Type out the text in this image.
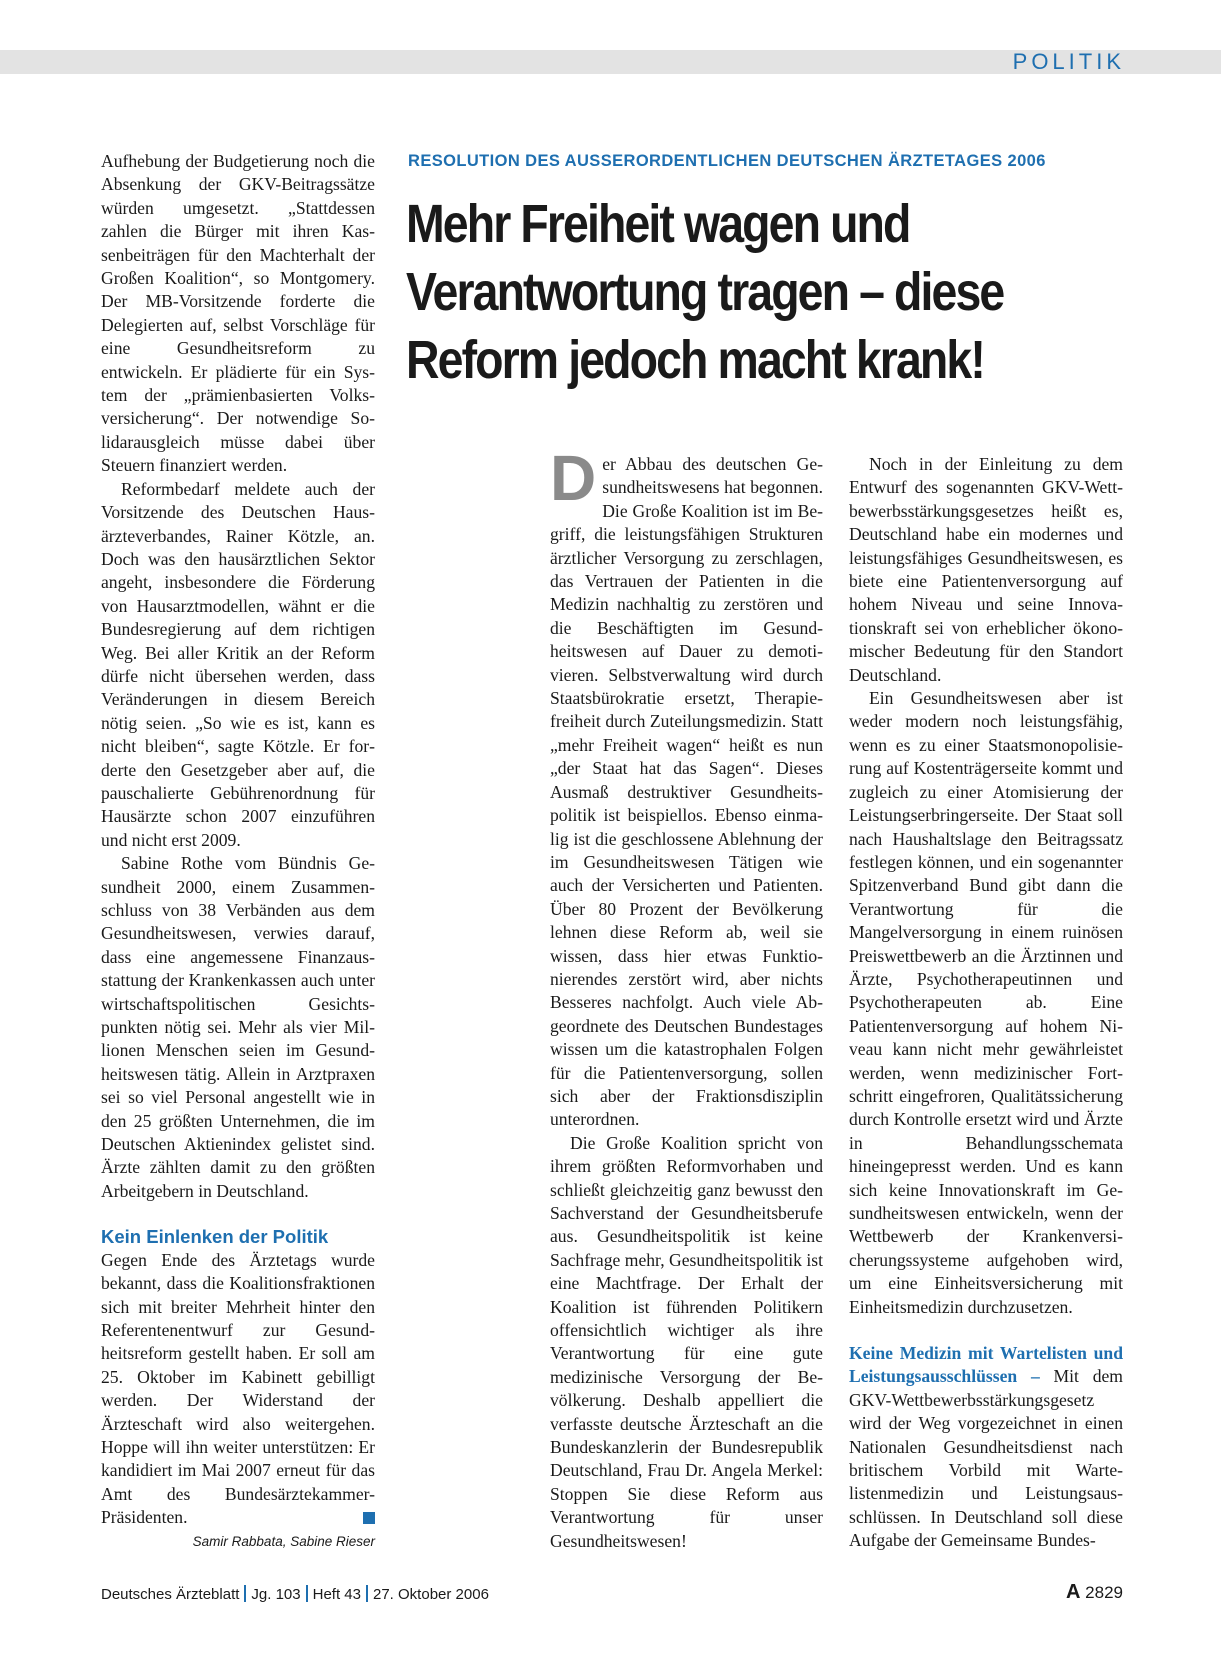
POLITIK

Aufhebung der Budgetierung noch die Absenkung der GKV-Beitragssätze würden umgesetzt. „Stattdessen zahlen die Bürger mit ihren Kassenbeiträgen für den Machterhalt der Großen Koalition“, so Montgomery. Der MB-Vorsitzende forderte die Delegierten auf, selbst Vorschläge für eine Gesundheitsreform zu entwickeln. Er plädierte für ein System der „prämienbasierten Volksversicherung“. Der notwendige Solidarausgleich müsse dabei über Steuern finanziert werden.

Reformbedarf meldete auch der Vorsitzende des Deutschen Hausärzteverbandes, Rainer Kötzle, an. Doch was den hausärztlichen Sektor angeht, insbesondere die Förderung von Hausarztmodellen, wähnt er die Bundesregierung auf dem richtigen Weg. Bei aller Kritik an der Reform dürfe nicht übersehen werden, dass Veränderungen in diesem Bereich nötig seien. „So wie es ist, kann es nicht bleiben“, sagte Kötzle. Er forderte den Gesetzgeber aber auf, die pauschalierte Gebührenordnung für Hausärzte schon 2007 einzuführen und nicht erst 2009.

Sabine Rothe vom Bündnis Gesundheit 2000, einem Zusammenschluss von 38 Verbänden aus dem Gesundheitswesen, verwies darauf, dass eine angemessene Finanzausstattung der Krankenkassen auch unter wirtschaftspolitischen Gesichtspunkten nötig sei. Mehr als vier Millionen Menschen seien im Gesundheitswesen tätig. Allein in Arztpraxen sei so viel Personal angestellt wie in den 25 größten Unternehmen, die im Deutschen Aktienindex gelistet sind. Ärzte zählten damit zu den größten Arbeitgebern in Deutschland.

Kein Einlenken der Politik

Gegen Ende des Ärztetags wurde bekannt, dass die Koalitionsfraktionen sich mit breiter Mehrheit hinter den Referentenentwurf zur Gesundheitsreform gestellt haben. Er soll am 25. Oktober im Kabinett gebilligt werden. Der Widerstand der Ärzteschaft wird also weitergehen. Hoppe will ihn weiter unterstützen: Er kandidiert im Mai 2007 erneut für das Amt des Bundesärztekammer-Präsidenten.

Samir Rabbata, Sabine Rieser
RESOLUTION DES AUSSERORDENTLICHEN DEUTSCHEN ÄRZTETAGES 2006
Mehr Freiheit wagen und
Verantwortung tragen – diese
Reform jedoch macht krank!

Der Abbau des deutschen Gesundheitswesens hat begonnen. Die Große Koalition ist im Begriff, die leistungsfähigen Strukturen ärztlicher Versorgung zu zerschlagen, das Vertrauen der Patienten in die Medizin nachhaltig zu zerstören und die Beschäftigten im Gesundheitswesen auf Dauer zu demotivieren. Selbstverwaltung wird durch Staatsbürokratie ersetzt, Therapiefreiheit durch Zuteilungsmedizin. Statt „mehr Freiheit wagen“ heißt es nun „der Staat hat das Sagen“. Dieses Ausmaß destruktiver Gesundheitspolitik ist beispiellos. Ebenso einmalig ist die geschlossene Ablehnung der im Gesundheitswesen Tätigen wie auch der Versicherten und Patienten. Über 80 Prozent der Bevölkerung lehnen diese Reform ab, weil sie wissen, dass hier etwas Funktionierendes zerstört wird, aber nichts Besseres nachfolgt. Auch viele Abgeordnete des Deutschen Bundestages wissen um die katastrophalen Folgen für die Patientenversorgung, sollen sich aber der Fraktionsdisziplin unterordnen.

Die Große Koalition spricht von ihrem größten Reformvorhaben und schließt gleichzeitig ganz bewusst den Sachverstand der Gesundheitsberufe aus. Gesundheitspolitik ist keine Sachfrage mehr, Gesundheitspolitik ist eine Machtfrage. Der Erhalt der Koalition ist führenden Politikern offensichtlich wichtiger als ihre Verantwortung für eine gute medizinische Versorgung der Bevölkerung. Deshalb appelliert die verfasste deutsche Ärzteschaft an die Bundeskanzlerin der Bundesrepublik Deutschland, Frau Dr. Angela Merkel: Stoppen Sie diese Reform aus Verantwortung für unser Gesundheitswesen!

Noch in der Einleitung zu dem Entwurf des sogenannten GKV-Wettbewerbsstärkungsgesetzes heißt es, Deutschland habe ein modernes und leistungsfähiges Gesundheitswesen, es biete eine Patientenversorgung auf hohem Niveau und seine Innovationskraft sei von erheblicher ökonomischer Bedeutung für den Standort Deutschland.

Ein Gesundheitswesen aber ist weder modern noch leistungsfähig, wenn es zu einer Staatsmonopolisierung auf Kostenträgerseite kommt und zugleich zu einer Atomisierung der Leistungserbringerseite. Der Staat soll nach Haushaltslage den Beitragssatz festlegen können, und ein sogenannter Spitzenverband Bund gibt dann die Verantwortung für die Mangelversorgung in einem ruinösen Preiswettbewerb an die Ärztinnen und Ärzte, Psychotherapeutinnen und Psychotherapeuten ab. Eine Patientenversorgung auf hohem Niveau kann nicht mehr gewährleistet werden, wenn medizinischer Fortschritt eingefroren, Qualitätssicherung durch Kontrolle ersetzt wird und Ärzte in Behandlungsschemata hineingepresst werden. Und es kann sich keine Innovationskraft im Gesundheitswesen entwickeln, wenn der Wettbewerb der Krankenversicherungssysteme aufgehoben wird, um eine Einheitsversicherung mit Einheitsmedizin durchzusetzen.

Keine Medizin mit Wartelisten und Leistungsausschlüssen – Mit dem GKV-Wettbewerbsstärkungsgesetz wird der Weg vorgezeichnet in einen Nationalen Gesundheitsdienst nach britischem Vorbild mit Wartelistenmedizin und Leistungsausschlüssen. In Deutschland soll diese Aufgabe der Gemeinsame Bundes-

Deutsches Ärzteblatt Jg. 103 Heft 43 27. Oktober 2006	A 2829
